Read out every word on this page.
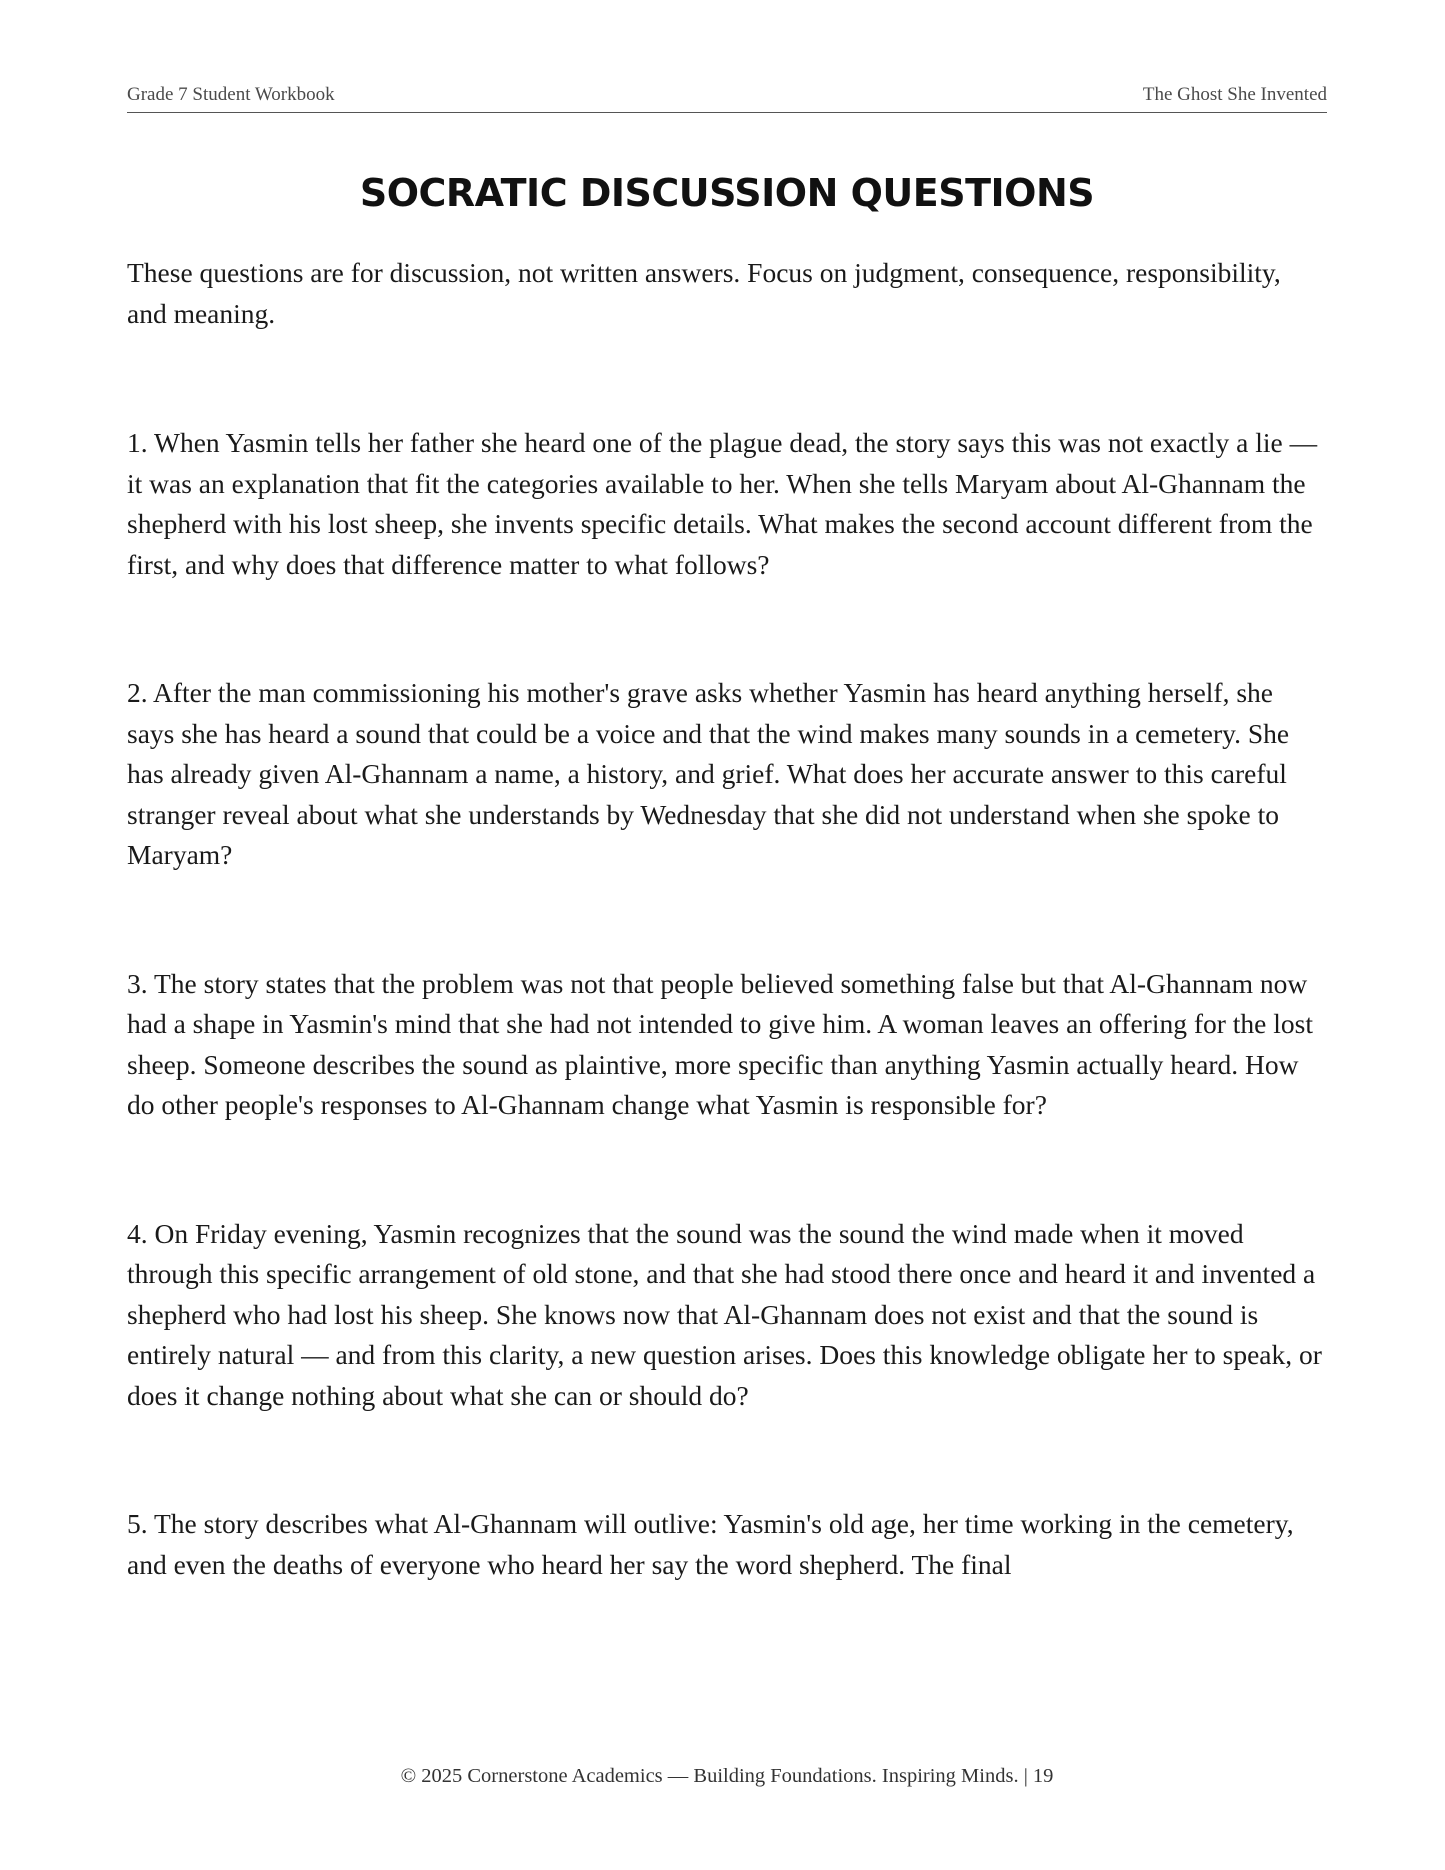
Grade 7 Student Workbook	The Ghost She Invented
SOCRATIC DISCUSSION QUESTIONS

These questions are for discussion, not written answers. Focus on judgment, consequence, responsibility, and meaning.

1. When Yasmin tells her father she heard one of the plague dead, the story says this was not exactly a lie — it was an explanation that fit the categories available to her. When she tells Maryam about Al-Ghannam the shepherd with his lost sheep, she invents specific details. What makes the second account different from the first, and why does that difference matter to what follows?

2. After the man commissioning his mother's grave asks whether Yasmin has heard anything herself, she says she has heard a sound that could be a voice and that the wind makes many sounds in a cemetery. She has already given Al-Ghannam a name, a history, and grief. What does her accurate answer to this careful stranger reveal about what she understands by Wednesday that she did not understand when she spoke to Maryam?

3. The story states that the problem was not that people believed something false but that Al-Ghannam now had a shape in Yasmin's mind that she had not intended to give him. A woman leaves an offering for the lost sheep. Someone describes the sound as plaintive, more specific than anything Yasmin actually heard. How do other people's responses to Al-Ghannam change what Yasmin is responsible for?

4. On Friday evening, Yasmin recognizes that the sound was the sound the wind made when it moved through this specific arrangement of old stone, and that she had stood there once and heard it and invented a shepherd who had lost his sheep. She knows now that Al-Ghannam does not exist and that the sound is entirely natural — and from this clarity, a new question arises. Does this knowledge obligate her to speak, or does it change nothing about what she can or should do?

5. The story describes what Al-Ghannam will outlive: Yasmin's old age, her time working in the cemetery, and even the deaths of everyone who heard her say the word shepherd. The final

© 2025 Cornerstone Academics — Building Foundations. Inspiring Minds. | 19
